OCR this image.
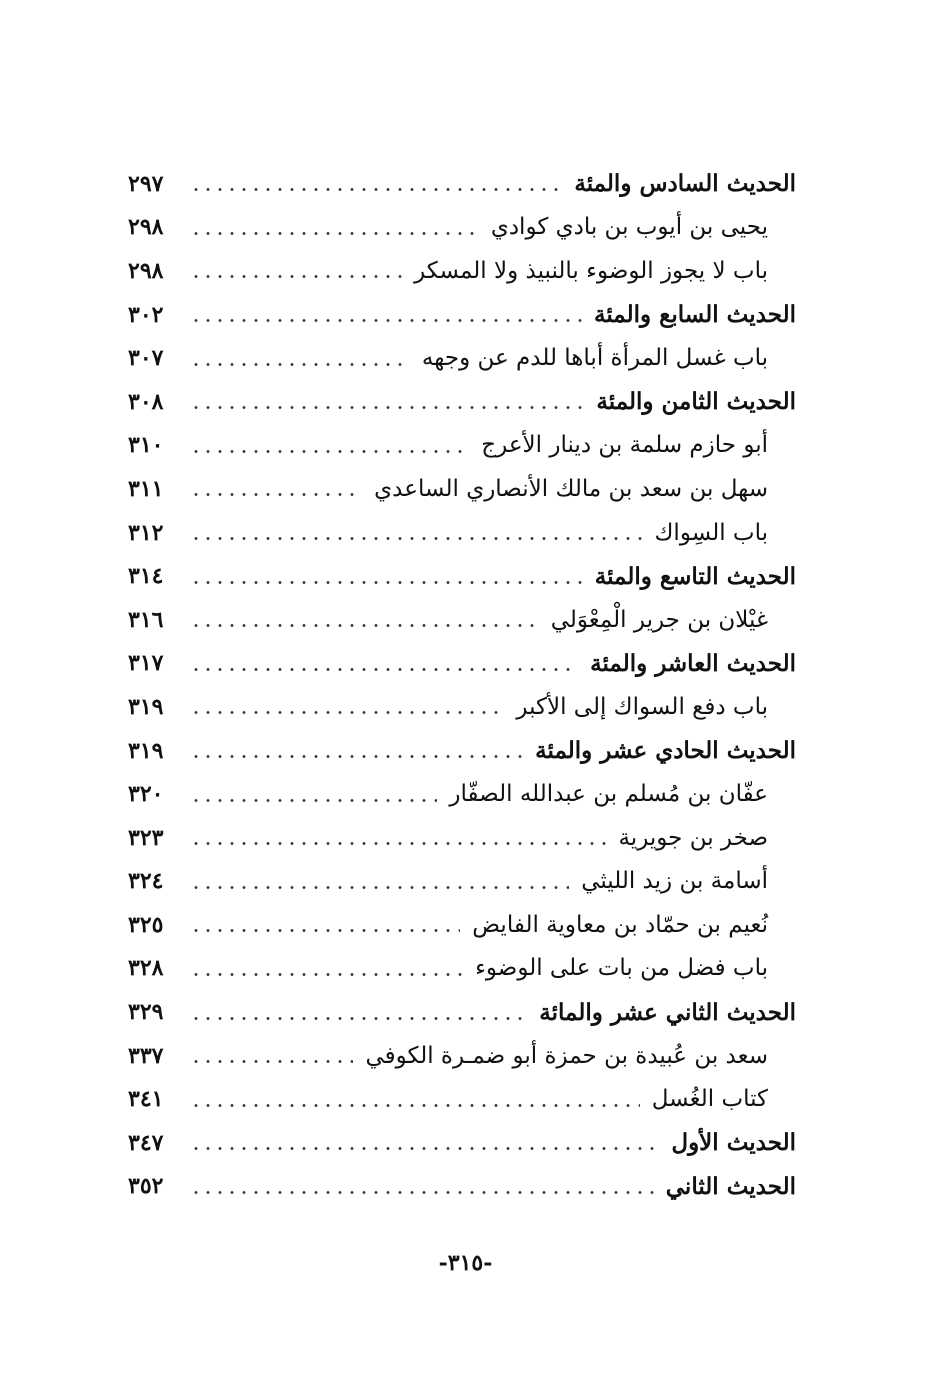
الحديث السادس والمئة
٢٩٧
يحيى بن أيوب بن بادي كوادي
٢٩٨
باب لا يجوز الوضوء بالنبيذ ولا المسكر
٢٩٨
الحديث السابع والمئة
٣٠٢
باب غسل المرأة أباها للدم عن وجهه
٣٠٧
الحديث الثامن والمئة
٣٠٨
أبو حازم سلمة بن دينار الأعرج
٣١٠
سهل بن سعد بن مالك الأنصاري الساعدي
٣١١
باب السِواك
٣١٢
الحديث التاسع والمئة
٣١٤
غيْلان بن جرير الْمِعْوَلي
٣١٦
الحديث العاشر والمئة
٣١٧
باب دفع السواك إلى الأكبر
٣١٩
الحديث الحادي عشر والمئة
٣١٩
عفّان بن مُسلم بن عبدالله الصفّار
٣٢٠
صخر بن جويرية
٣٢٣
أسامة بن زيد الليثي
٣٢٤
نُعيم بن حمّاد بن معاوية الفايض
٣٢٥
باب فضل من بات على الوضوء
٣٢٨
الحديث الثاني عشر والمائة
٣٢٩
سعد بن عُبيدة بن حمزة أبو ضمـرة الكوفي
٣٣٧
كتاب الغُسل
٣٤١
الحديث الأول
٣٤٧
الحديث الثاني
٣٥٢
-٣١٥-
